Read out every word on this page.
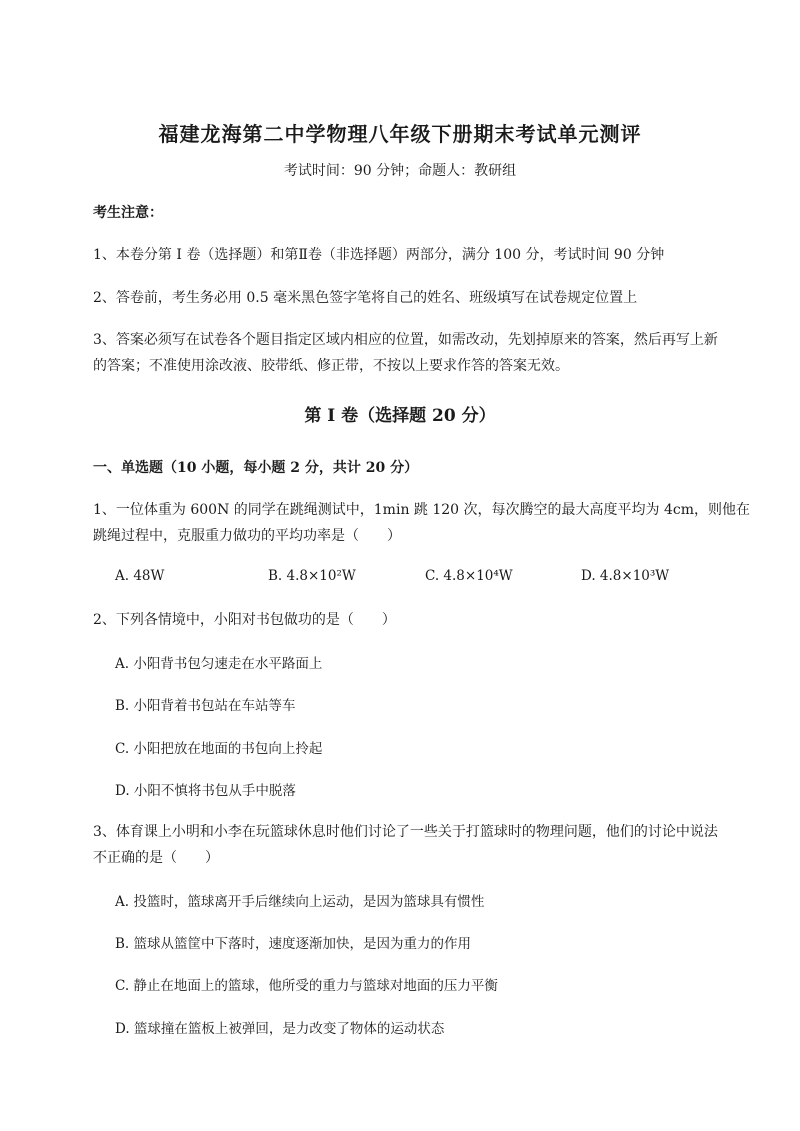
福建龙海第二中学物理八年级下册期末考试单元测评
考试时间：90 分钟；命题人：教研组
考生注意：
1、本卷分第 I 卷（选择题）和第Ⅱ卷（非选择题）两部分，满分 100 分，考试时间 90 分钟
2、答卷前，考生务必用 0.5 毫米黑色签字笔将自己的姓名、班级填写在试卷规定位置上
3、答案必须写在试卷各个题目指定区域内相应的位置，如需改动，先划掉原来的答案，然后再写上新
的答案；不准使用涂改液、胶带纸、修正带，不按以上要求作答的答案无效。
第 I 卷（选择题 20 分）
一、单选题（10 小题，每小题 2 分，共计 20 分）
1、一位体重为 600N 的同学在跳绳测试中，1min 跳 120 次，每次腾空的最大高度平均为 4cm，则他在
跳绳过程中，克服重力做功的平均功率是（　　）
A. 48W	B. 4.8×10²W	C. 4.8×10⁴W	D. 4.8×10³W
2、下列各情境中，小阳对书包做功的是（　　）
A. 小阳背书包匀速走在水平路面上
B. 小阳背着书包站在车站等车
C. 小阳把放在地面的书包向上拎起
D. 小阳不慎将书包从手中脱落
3、体育课上小明和小李在玩篮球休息时他们讨论了一些关于打篮球时的物理问题，他们的讨论中说法
不正确的是（　　）
A. 投篮时，篮球离开手后继续向上运动，是因为篮球具有惯性
B. 篮球从篮筐中下落时，速度逐渐加快，是因为重力的作用
C. 静止在地面上的篮球，他所受的重力与篮球对地面的压力平衡
D. 篮球撞在篮板上被弹回，是力改变了物体的运动状态
